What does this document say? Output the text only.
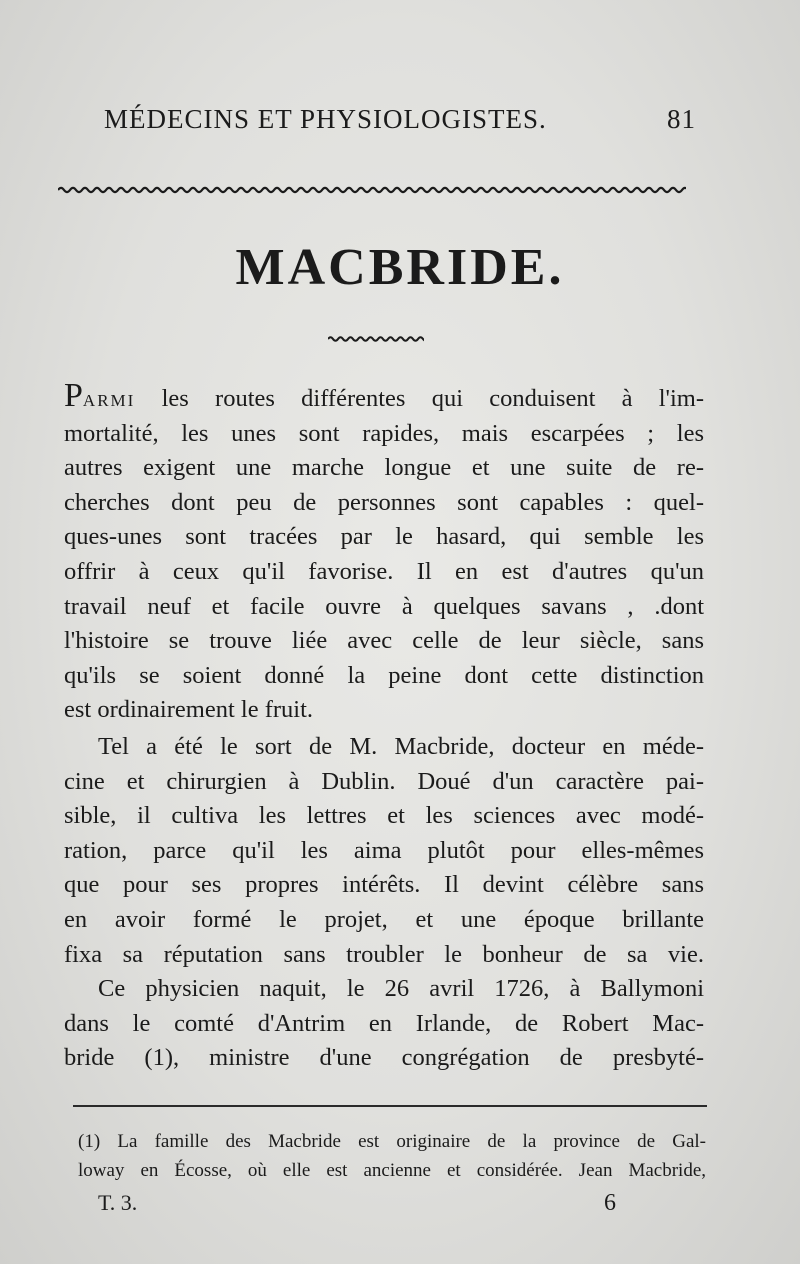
MÉDECINS ET PHYSIOLOGISTES.	81
MACBRIDE.
PARMI les routes différentes qui conduisent à l'im-
mortalité, les unes sont rapides, mais escarpées ; les
autres exigent une marche longue et une suite de re-
cherches dont peu de personnes sont capables : quel-
ques-unes sont tracées par le hasard, qui semble les
offrir à ceux qu'il favorise. Il en est d'autres qu'un
travail neuf et facile ouvre à quelques savans , .dont
l'histoire se trouve liée avec celle de leur siècle, sans
qu'ils se soient donné la peine dont cette distinction
est ordinairement le fruit.
Tel a été le sort de M. Macbride, docteur en méde-
cine et chirurgien à Dublin. Doué d'un caractère pai-
sible, il cultiva les lettres et les sciences avec modé-
ration, parce qu'il les aima plutôt pour elles-mêmes
que pour ses propres intérêts. Il devint célèbre sans
en avoir formé le projet, et une époque brillante
fixa sa réputation sans troubler le bonheur de sa vie.
Ce physicien naquit, le 26 avril 1726, à Ballymoni
dans le comté d'Antrim en Irlande, de Robert Mac-
bride (1), ministre d'une congrégation de presbyté-
(1) La famille des Macbride est originaire de la province de Gal-
loway en Écosse, où elle est ancienne et considérée. Jean Macbride,
T. 3.	6
